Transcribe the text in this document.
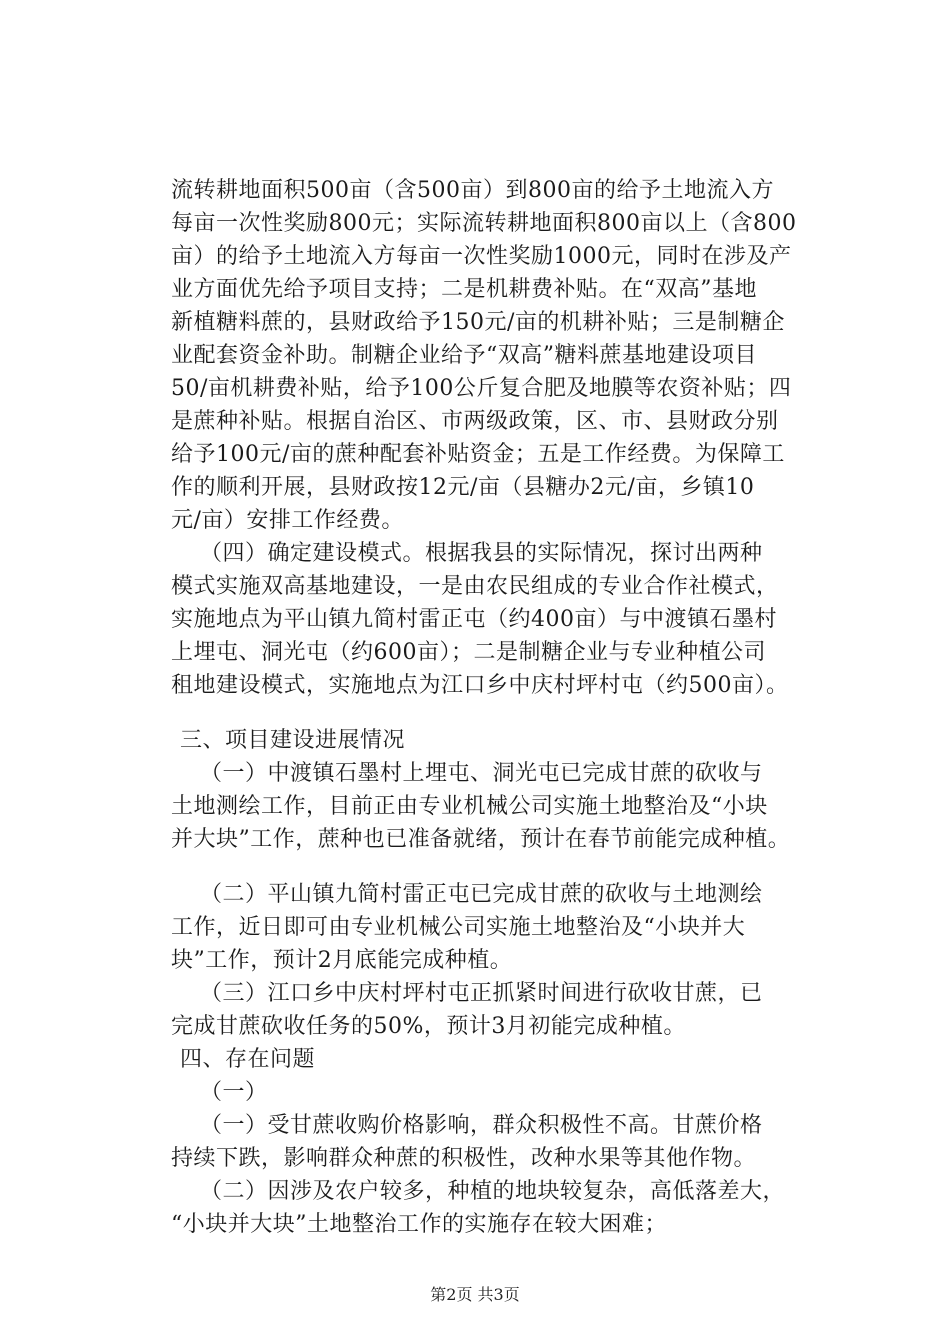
流转耕地面积500亩（含500亩）到800亩的给予土地流入方
每亩一次性奖励800元；实际流转耕地面积800亩以上（含800
亩）的给予土地流入方每亩一次性奖励1000元，同时在涉及产
业方面优先给予项目支持；二是机耕费补贴。在“双高”基地
新植糖料蔗的，县财政给予150元/亩的机耕补贴；三是制糖企
业配套资金补助。制糖企业给予“双高”糖料蔗基地建设项目
50/亩机耕费补贴，给予100公斤复合肥及地膜等农资补贴；四
是蔗种补贴。根据自治区、市两级政策，区、市、县财政分别
给予100元/亩的蔗种配套补贴资金；五是工作经费。为保障工
作的顺利开展，县财政按12元/亩（县糖办2元/亩，乡镇10
元/亩）安排工作经费。
（四）确定建设模式。根据我县的实际情况，探讨出两种
模式实施双高基地建设，一是由农民组成的专业合作社模式，
实施地点为平山镇九简村雷正屯（约400亩）与中渡镇石墨村
上埋屯、洞光屯（约600亩）；二是制糖企业与专业种植公司
租地建设模式，实施地点为江口乡中庆村坪村屯（约500亩）。
三、项目建设进展情况
（一）中渡镇石墨村上埋屯、洞光屯已完成甘蔗的砍收与
土地测绘工作，目前正由专业机械公司实施土地整治及“小块
并大块”工作，蔗种也已准备就绪，预计在春节前能完成种植。
（二）平山镇九简村雷正屯已完成甘蔗的砍收与土地测绘
工作，近日即可由专业机械公司实施土地整治及“小块并大
块”工作，预计2月底能完成种植。
（三）江口乡中庆村坪村屯正抓紧时间进行砍收甘蔗，已
完成甘蔗砍收任务的50%，预计3月初能完成种植。
四、存在问题
（一）
（一）受甘蔗收购价格影响，群众积极性不高。甘蔗价格
持续下跌，影响群众种蔗的积极性，改种水果等其他作物。
（二）因涉及农户较多，种植的地块较复杂，高低落差大，
“小块并大块”土地整治工作的实施存在较大困难；
第2页 共3页
